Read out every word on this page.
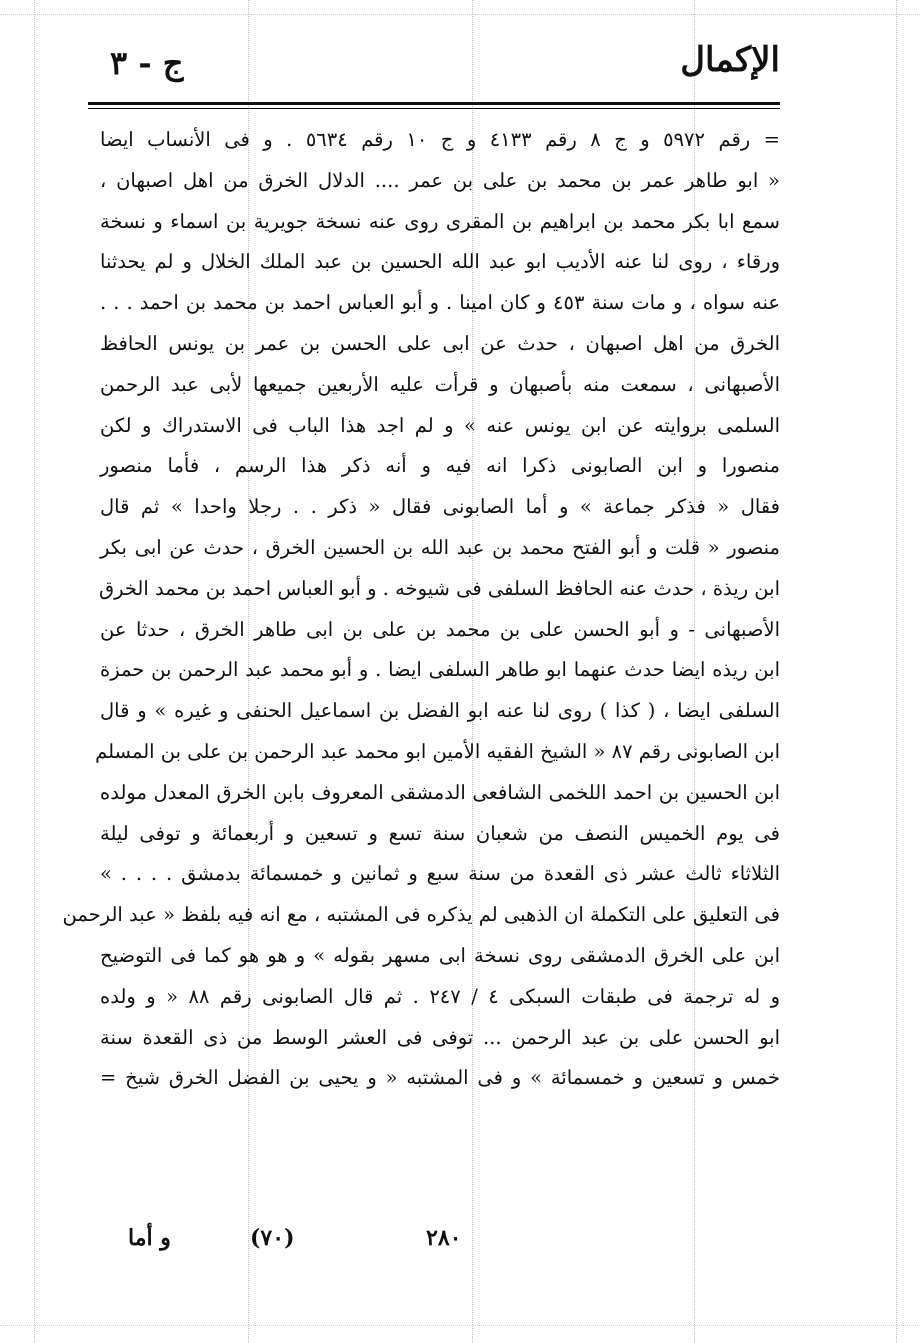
الإكمال
ج - ٣
= رقم ٥٩٧٢ و ج ٨ رقم ٤١٣٣ و ج ١٠ رقم ٥٦٣٤ . و فى الأنساب ايضا
« ابو طاهر عمر بن محمد بن على بن عمر .... الدلال الخرق من اهل اصبهان ،
سمع ابا بكر محمد بن ابراهيم بن المقرى روى عنه نسخة جويرية بن اسماء و نسخة
ورقاء ، روى لنا عنه الأديب ابو عبد الله الحسين بن عبد الملك الخلال و لم يحدثنا
عنه سواه ، و مات سنة ٤٥٣ و كان امينا . و أبو العباس احمد بن محمد بن احمد . . .
الخرق من اهل اصبهان ، حدث عن ابى على الحسن بن عمر بن يونس الحافظ
الأصبهانى ، سمعت منه بأصبهان و قرأت عليه الأربعين جميعها لأبى عبد الرحمن
السلمى بروايته عن ابن يونس عنه » و لم اجد هذا الباب فى الاستدراك و لكن
منصورا و ابن الصابونى ذكرا انه فيه و أنه ذكر هذا الرسم ، فأما منصور
فقال « فذكر جماعة » و أما الصابونى فقال « ذكر . . رجلا واحدا » ثم قال
منصور « قلت و أبو الفتح محمد بن عبد الله بن الحسين الخرق ، حدث عن ابى بكر
ابن ريذة ، حدث عنه الحافظ السلفى فى شيوخه . و أبو العباس احمد بن محمد الخرق
الأصبهانى - و أبو الحسن على بن محمد بن على بن ابى طاهر الخرق ، حدثا عن
ابن ريذه ايضا حدث عنهما ابو طاهر السلفى ايضا . و أبو محمد عبد الرحمن بن حمزة
السلفى ايضا ، ( كذا ) روى لنا عنه ابو الفضل بن اسماعيل الحنفى و غيره » و قال
ابن الصابونى رقم ٨٧ « الشيخ الفقيه الأمين ابو محمد عبد الرحمن بن على بن المسلم
ابن الحسين بن احمد اللخمى الشافعى الدمشقى المعروف بابن الخرق المعدل مولده
فى يوم الخميس النصف من شعبان سنة تسع و تسعين و أربعمائة و توفى ليلة
الثلاثاء ثالث عشر ذى القعدة من سنة سبع و ثمانين و خمسمائة بدمشق . . . . »
فى التعليق على التكملة ان الذهبى لم يذكره فى المشتبه ، مع انه فيه بلفظ « عبد الرحمن
ابن على الخرق الدمشقى روى نسخة ابى مسهر بقوله » و هو هو كما فى التوضيح
و له ترجمة فى طبقات السبكى ٤ / ٢٤٧ . ثم قال الصابونى رقم ٨٨ « و ولده
ابو الحسن على بن عبد الرحمن ... توفى فى العشر الوسط من ذى القعدة سنة
خمس و تسعين و خمسمائة » و فى المشتبه « و يحيى بن الفضل الخرق شيخ =
٢٨٠
(٧٠)
و أما
